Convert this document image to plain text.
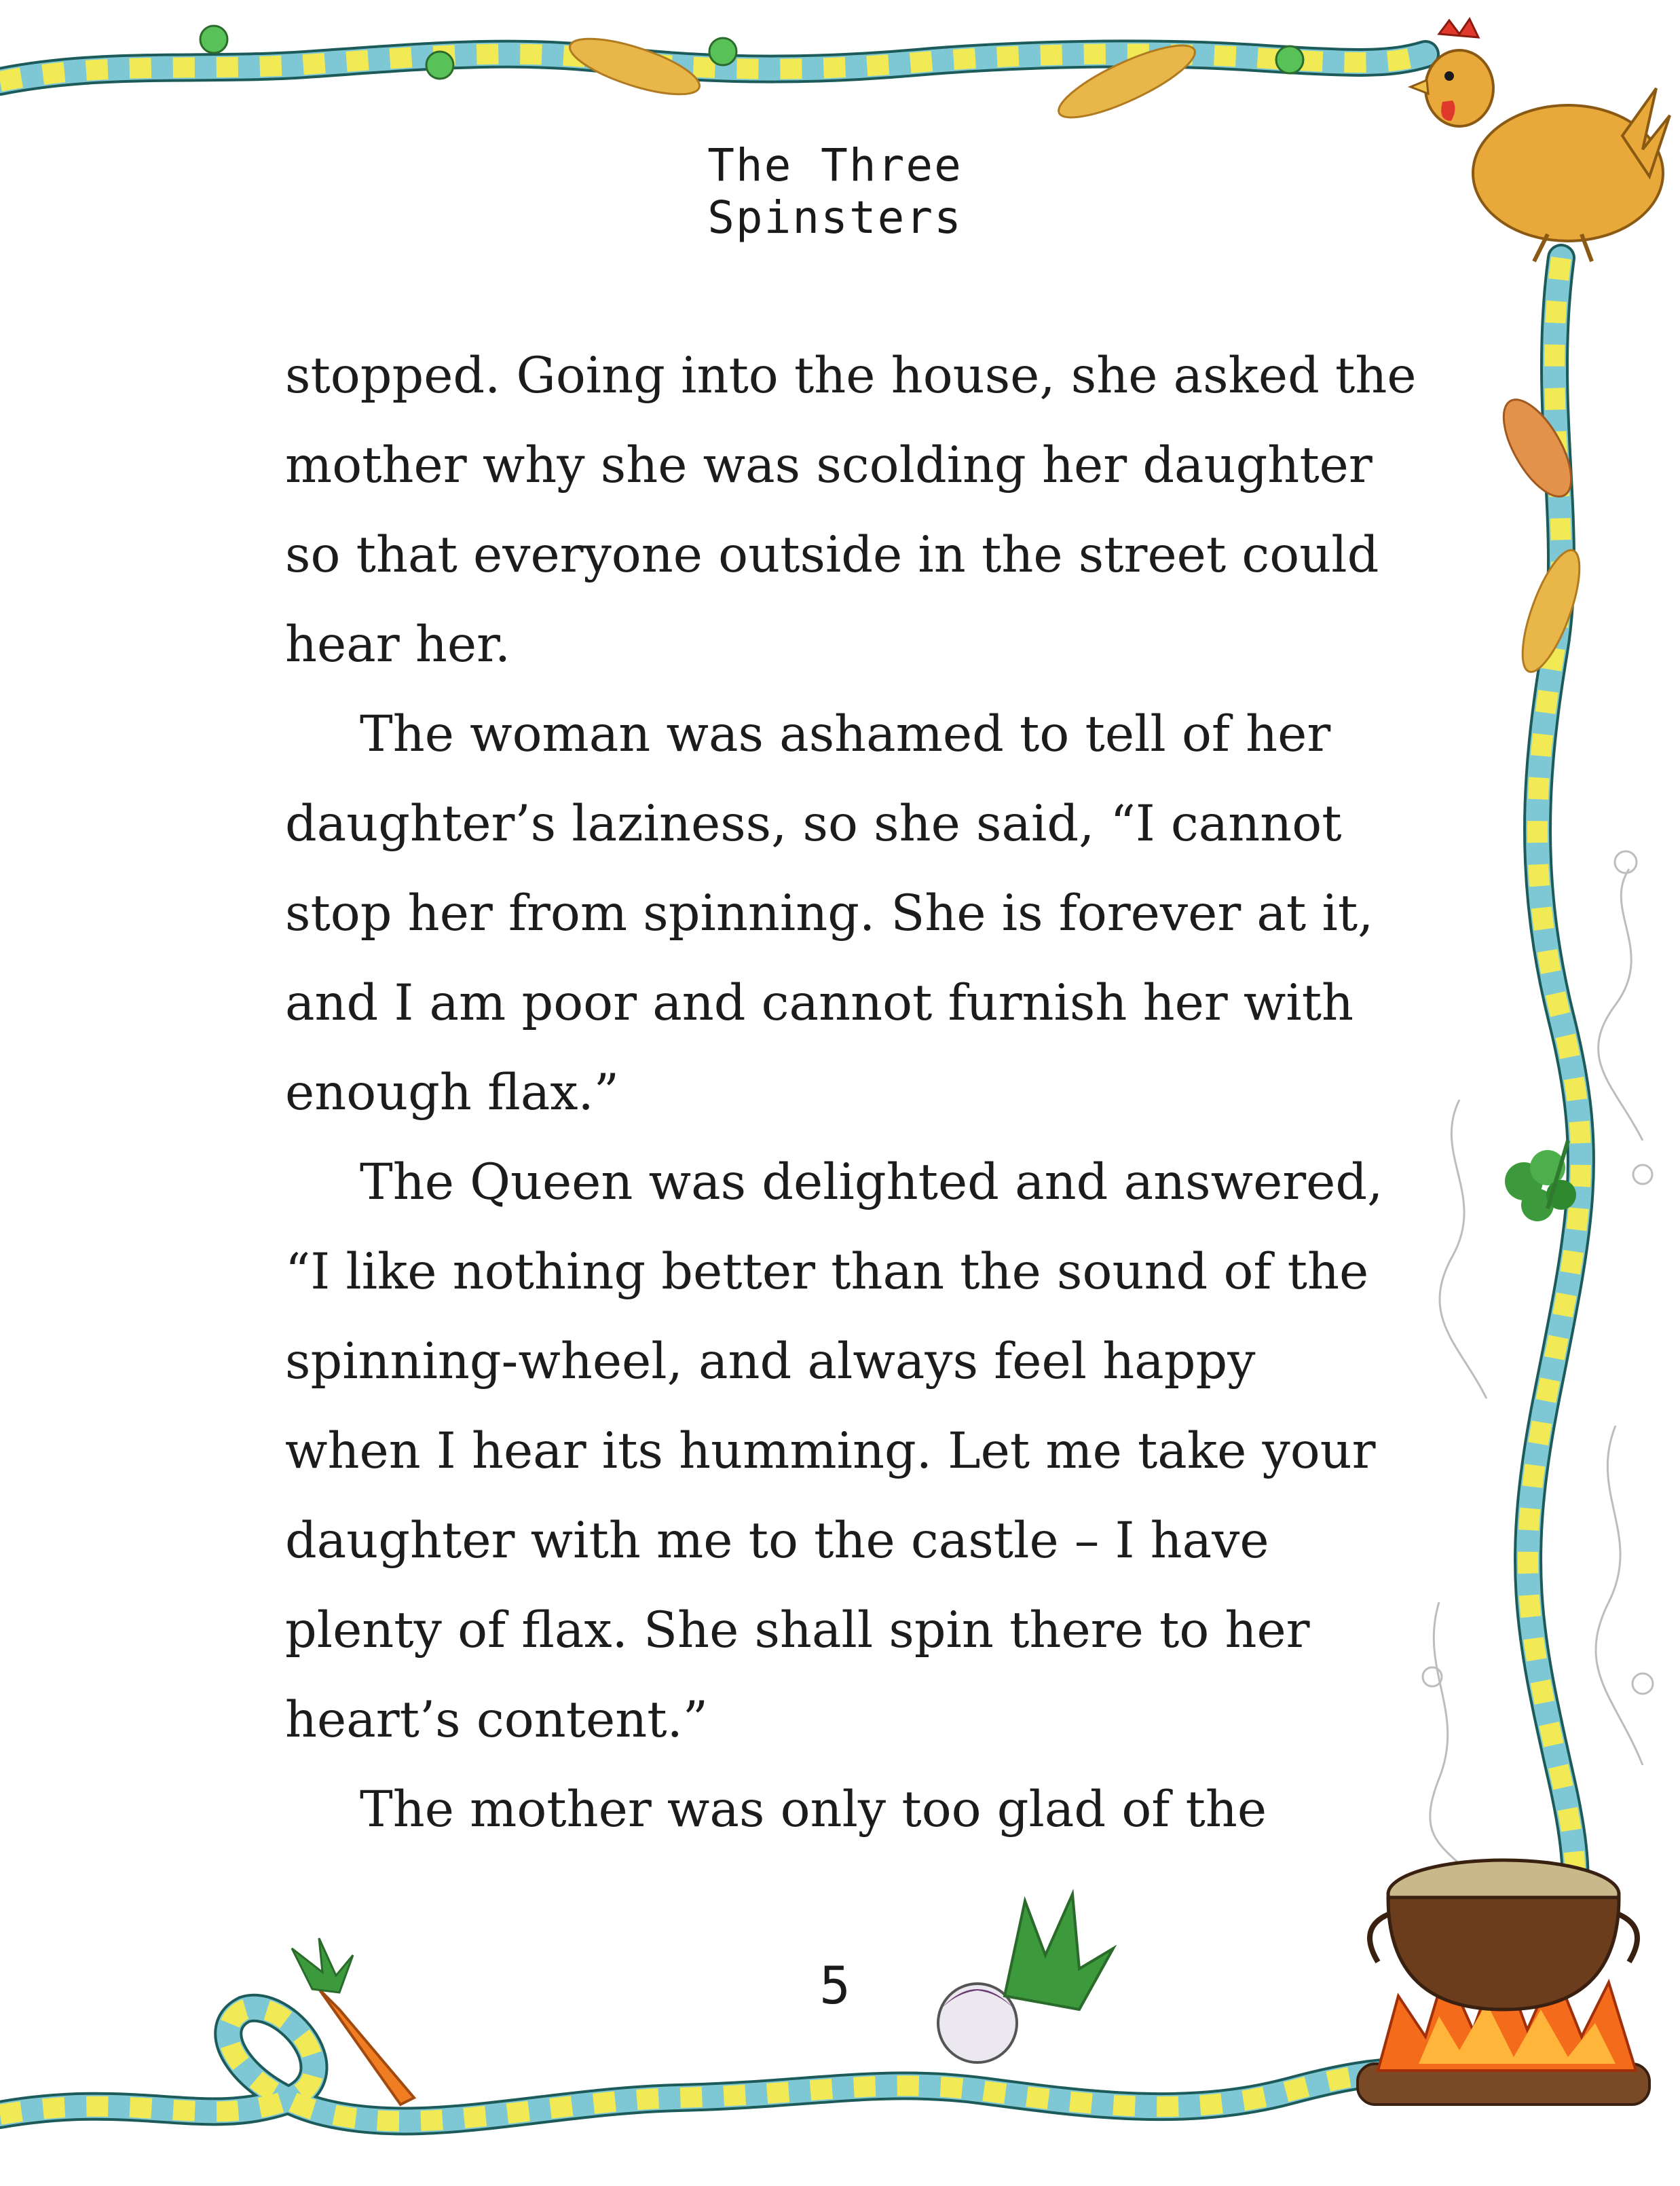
The Three Spinsters

stopped. Going into the house, she asked the
mother why she was scolding her daughter
so that everyone outside in the street could
hear her.

The woman was ashamed to tell of her
daughter’s laziness, so she said, “I cannot
stop her from spinning. She is forever at it,
and I am poor and cannot furnish her with
enough flax.”

The Queen was delighted and answered,
“I like nothing better than the sound of the
spinning-wheel, and always feel happy
when I hear its humming. Let me take your
daughter with me to the castle – I have
plenty of flax. She shall spin there to her
heart’s content.”

The mother was only too glad of the

5
